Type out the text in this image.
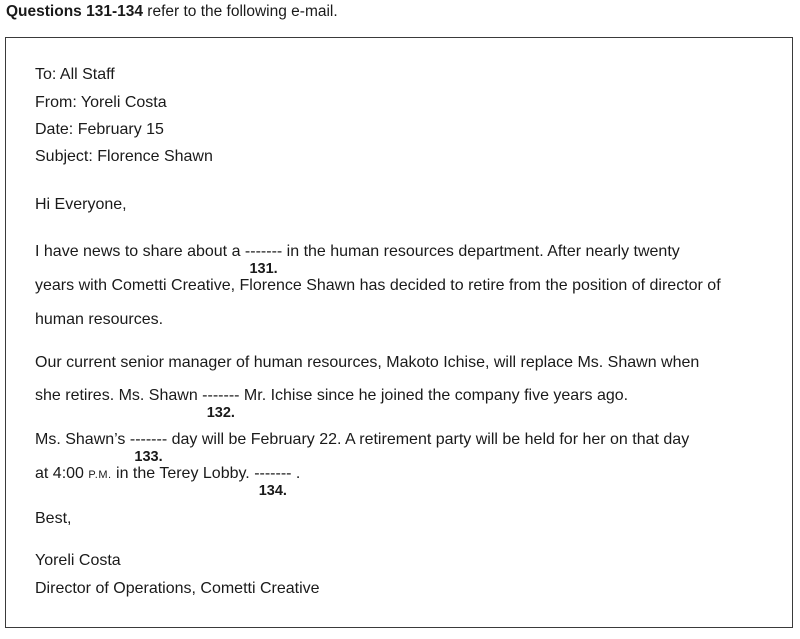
Questions 131-134 refer to the following e-mail.
To: All Staff
From: Yoreli Costa
Date: February 15
Subject: Florence Shawn
Hi Everyone,
I have news to share about a -------
131.
in the human resources department. After nearly twenty
years with Cometti Creative, Florence Shawn has decided to retire from the position of director of
human resources.
Our current senior manager of human resources, Makoto Ichise, will replace Ms. Shawn when
she retires. Ms. Shawn -------
132.
Mr. Ichise since he joined the company five years ago.
Ms. Shawn’s -------
133.
day will be February 22. A retirement party will be held for her on that day
at 4:00 P.M. in the Terey Lobby. -------
134.
.
Best,
Yoreli Costa
Director of Operations, Cometti Creative
